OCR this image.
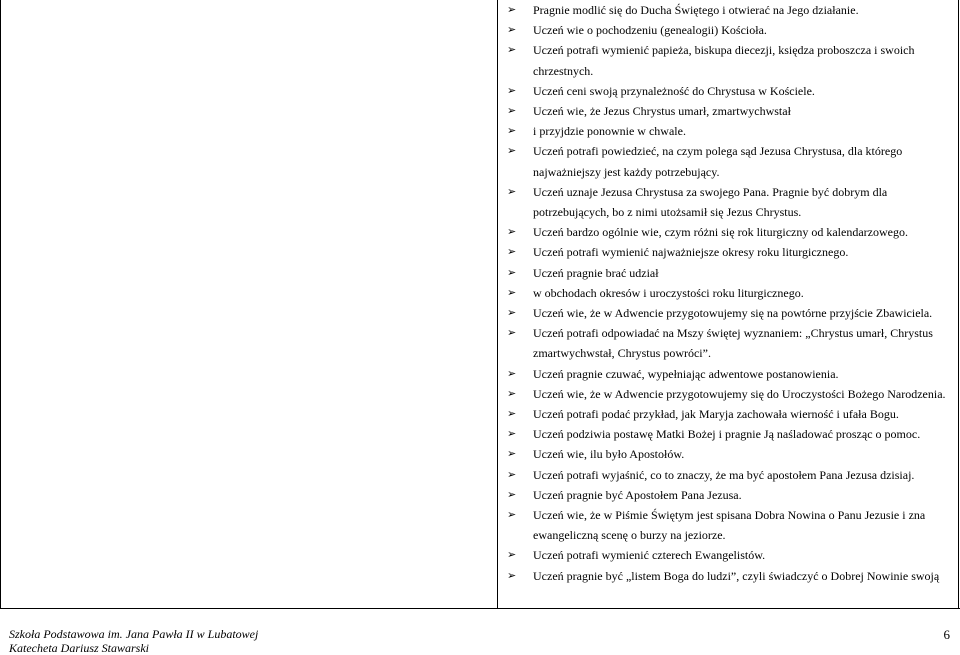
➢ Pragnie modlić się do Ducha Świętego i otwierać na Jego działanie.
➢ Uczeń wie o pochodzeniu (genealogii) Kościoła.
➢ Uczeń potrafi wymienić papieża, biskupa diecezji, księdza proboszcza i swoich
chrzestnych.
➢ Uczeń ceni swoją przynależność do Chrystusa w Kościele.
➢ Uczeń wie, że Jezus Chrystus umarł, zmartwychwstał
➢ i przyjdzie ponownie w chwale.
➢ Uczeń potrafi powiedzieć, na czym polega sąd Jezusa Chrystusa, dla którego
najważniejszy jest każdy potrzebujący.
➢ Uczeń uznaje Jezusa Chrystusa za swojego Pana. Pragnie być dobrym dla
potrzebujących, bo z nimi utożsamił się Jezus Chrystus.
➢ Uczeń bardzo ogólnie wie, czym różni się rok liturgiczny od kalendarzowego.
➢ Uczeń potrafi wymienić najważniejsze okresy roku liturgicznego.
➢ Uczeń pragnie brać udział
➢ w obchodach okresów i uroczystości roku liturgicznego.
➢ Uczeń wie, że w Adwencie przygotowujemy się na powtórne przyjście Zbawiciela.
➢ Uczeń potrafi odpowiadać na Mszy świętej wyznaniem: „Chrystus umarł, Chrystus
zmartwychwstał, Chrystus powróci”.
➢ Uczeń pragnie czuwać, wypełniając adwentowe postanowienia.
➢ Uczeń wie, że w Adwencie przygotowujemy się do Uroczystości Bożego Narodzenia.
➢ Uczeń potrafi podać przykład, jak Maryja zachowała wierność i ufała Bogu.
➢ Uczeń podziwia postawę Matki Bożej i pragnie Ją naśladować prosząc o pomoc.
➢ Uczeń wie, ilu było Apostołów.
➢ Uczeń potrafi wyjaśnić, co to znaczy, że ma być apostołem Pana Jezusa dzisiaj.
➢ Uczeń pragnie być Apostołem Pana Jezusa.
➢ Uczeń wie, że w Piśmie Świętym jest spisana Dobra Nowina o Panu Jezusie i zna
ewangeliczną scenę o burzy na jeziorze.
➢ Uczeń potrafi wymienić czterech Ewangelistów.
➢ Uczeń pragnie być „listem Boga do ludzi”, czyli świadczyć o Dobrej Nowinie swoją
Szkoła Podstawowa im. Jana Pawła II w Lubatowej
Katecheta Dariusz Stawarski
6
